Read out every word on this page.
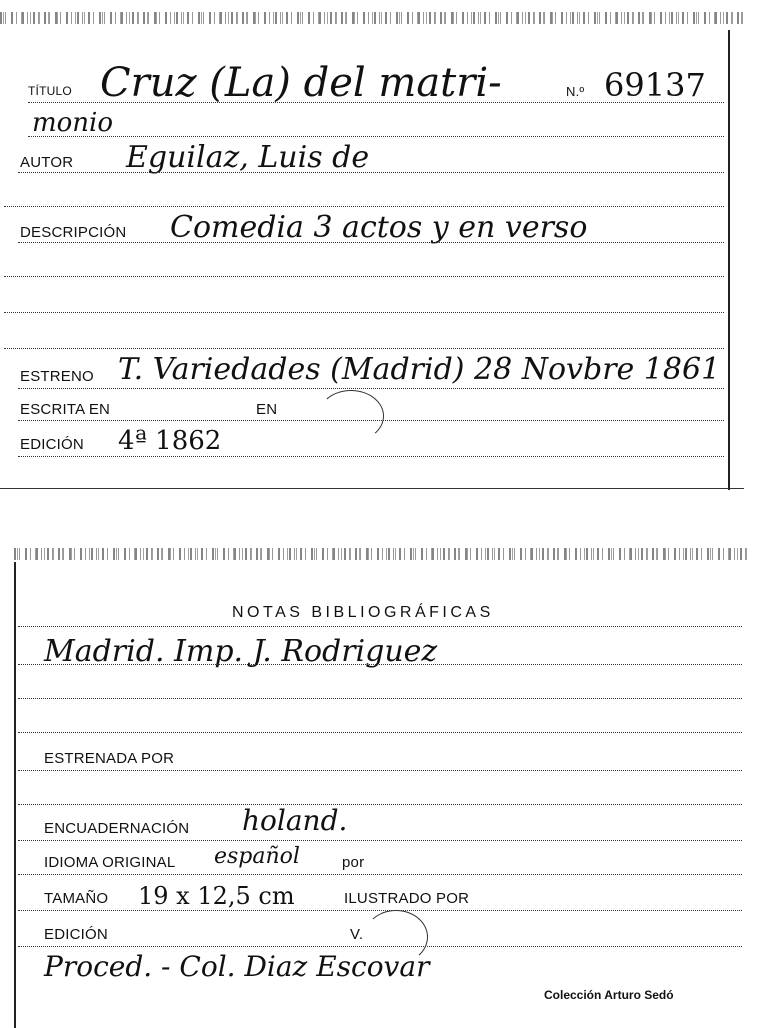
TÍTULO Cruz (La) del matri-	N.º 69137
monio
AUTOR Eguilaz, Luis de
DESCRIPCIÓN Comedia 3 actos y en verso
ESTRENO T. Variedades (Madrid) 28 Novbre 1861
ESCRITA EN	EN
EDICIÓN 4ª 1862
NOTAS BIBLIOGRÁFICAS
Madrid. Imp. J. Rodriguez
ESTRENADA POR
ENCUADERNACIÓN holand.
IDIOMA ORIGINAL español	por
TAMAÑO 19 x 12,5 cm	ILUSTRADO POR
EDICIÓN	V.
Proced. - Col. Diaz Escovar
Colección Arturo Sedó
